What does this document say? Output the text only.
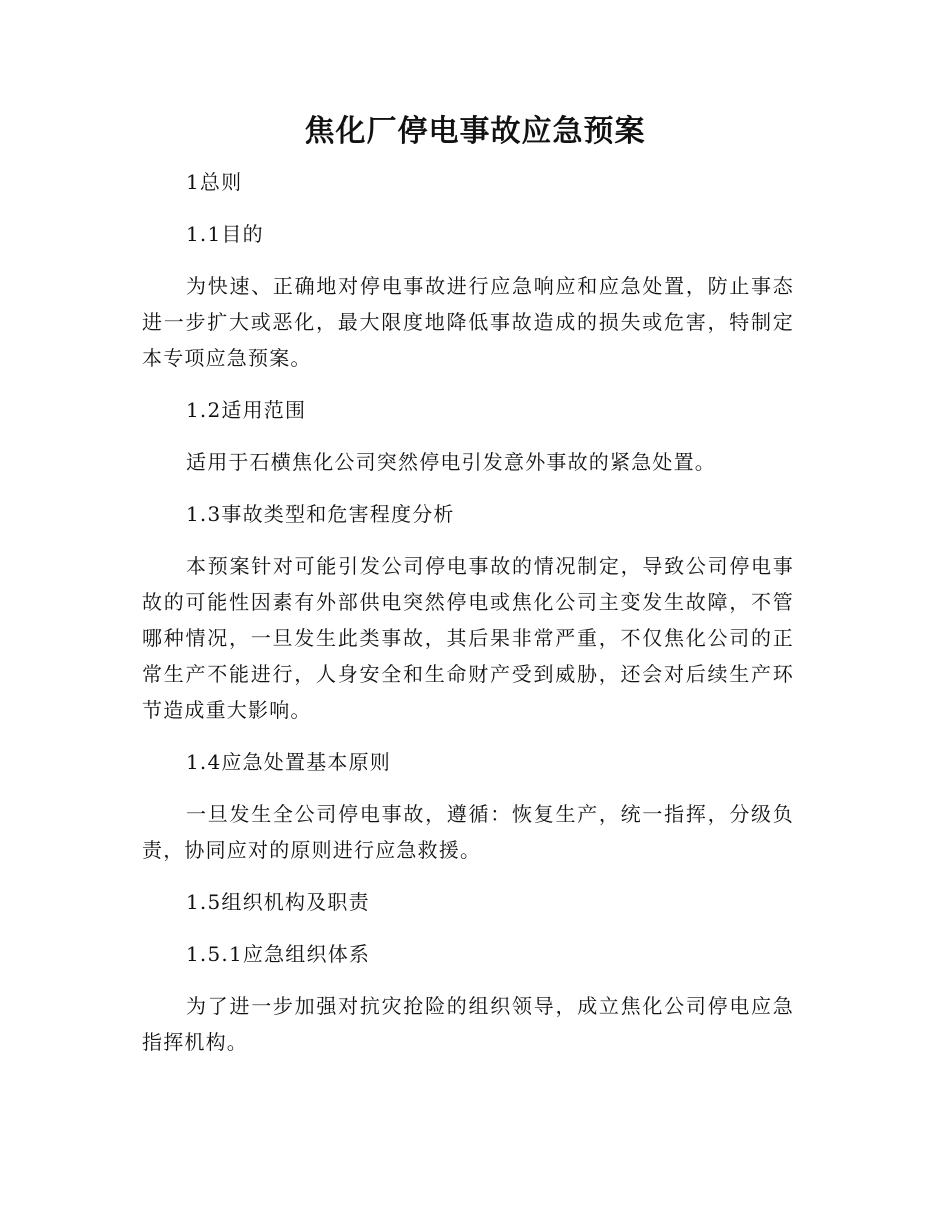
焦化厂停电事故应急预案

1总则

1.1目的

为快速、正确地对停电事故进行应急响应和应急处置，防止事态进一步扩大或恶化，最大限度地降低事故造成的损失或危害，特制定本专项应急预案。

1.2适用范围

适用于石横焦化公司突然停电引发意外事故的紧急处置。

1.3事故类型和危害程度分析

本预案针对可能引发公司停电事故的情况制定，导致公司停电事故的可能性因素有外部供电突然停电或焦化公司主变发生故障，不管哪种情况，一旦发生此类事故，其后果非常严重，不仅焦化公司的正常生产不能进行，人身安全和生命财产受到威胁，还会对后续生产环节造成重大影响。

1.4应急处置基本原则

一旦发生全公司停电事故，遵循：恢复生产，统一指挥，分级负责，协同应对的原则进行应急救援。

1.5组织机构及职责

1.5.1应急组织体系

为了进一步加强对抗灾抢险的组织领导，成立焦化公司停电应急指挥机构。
